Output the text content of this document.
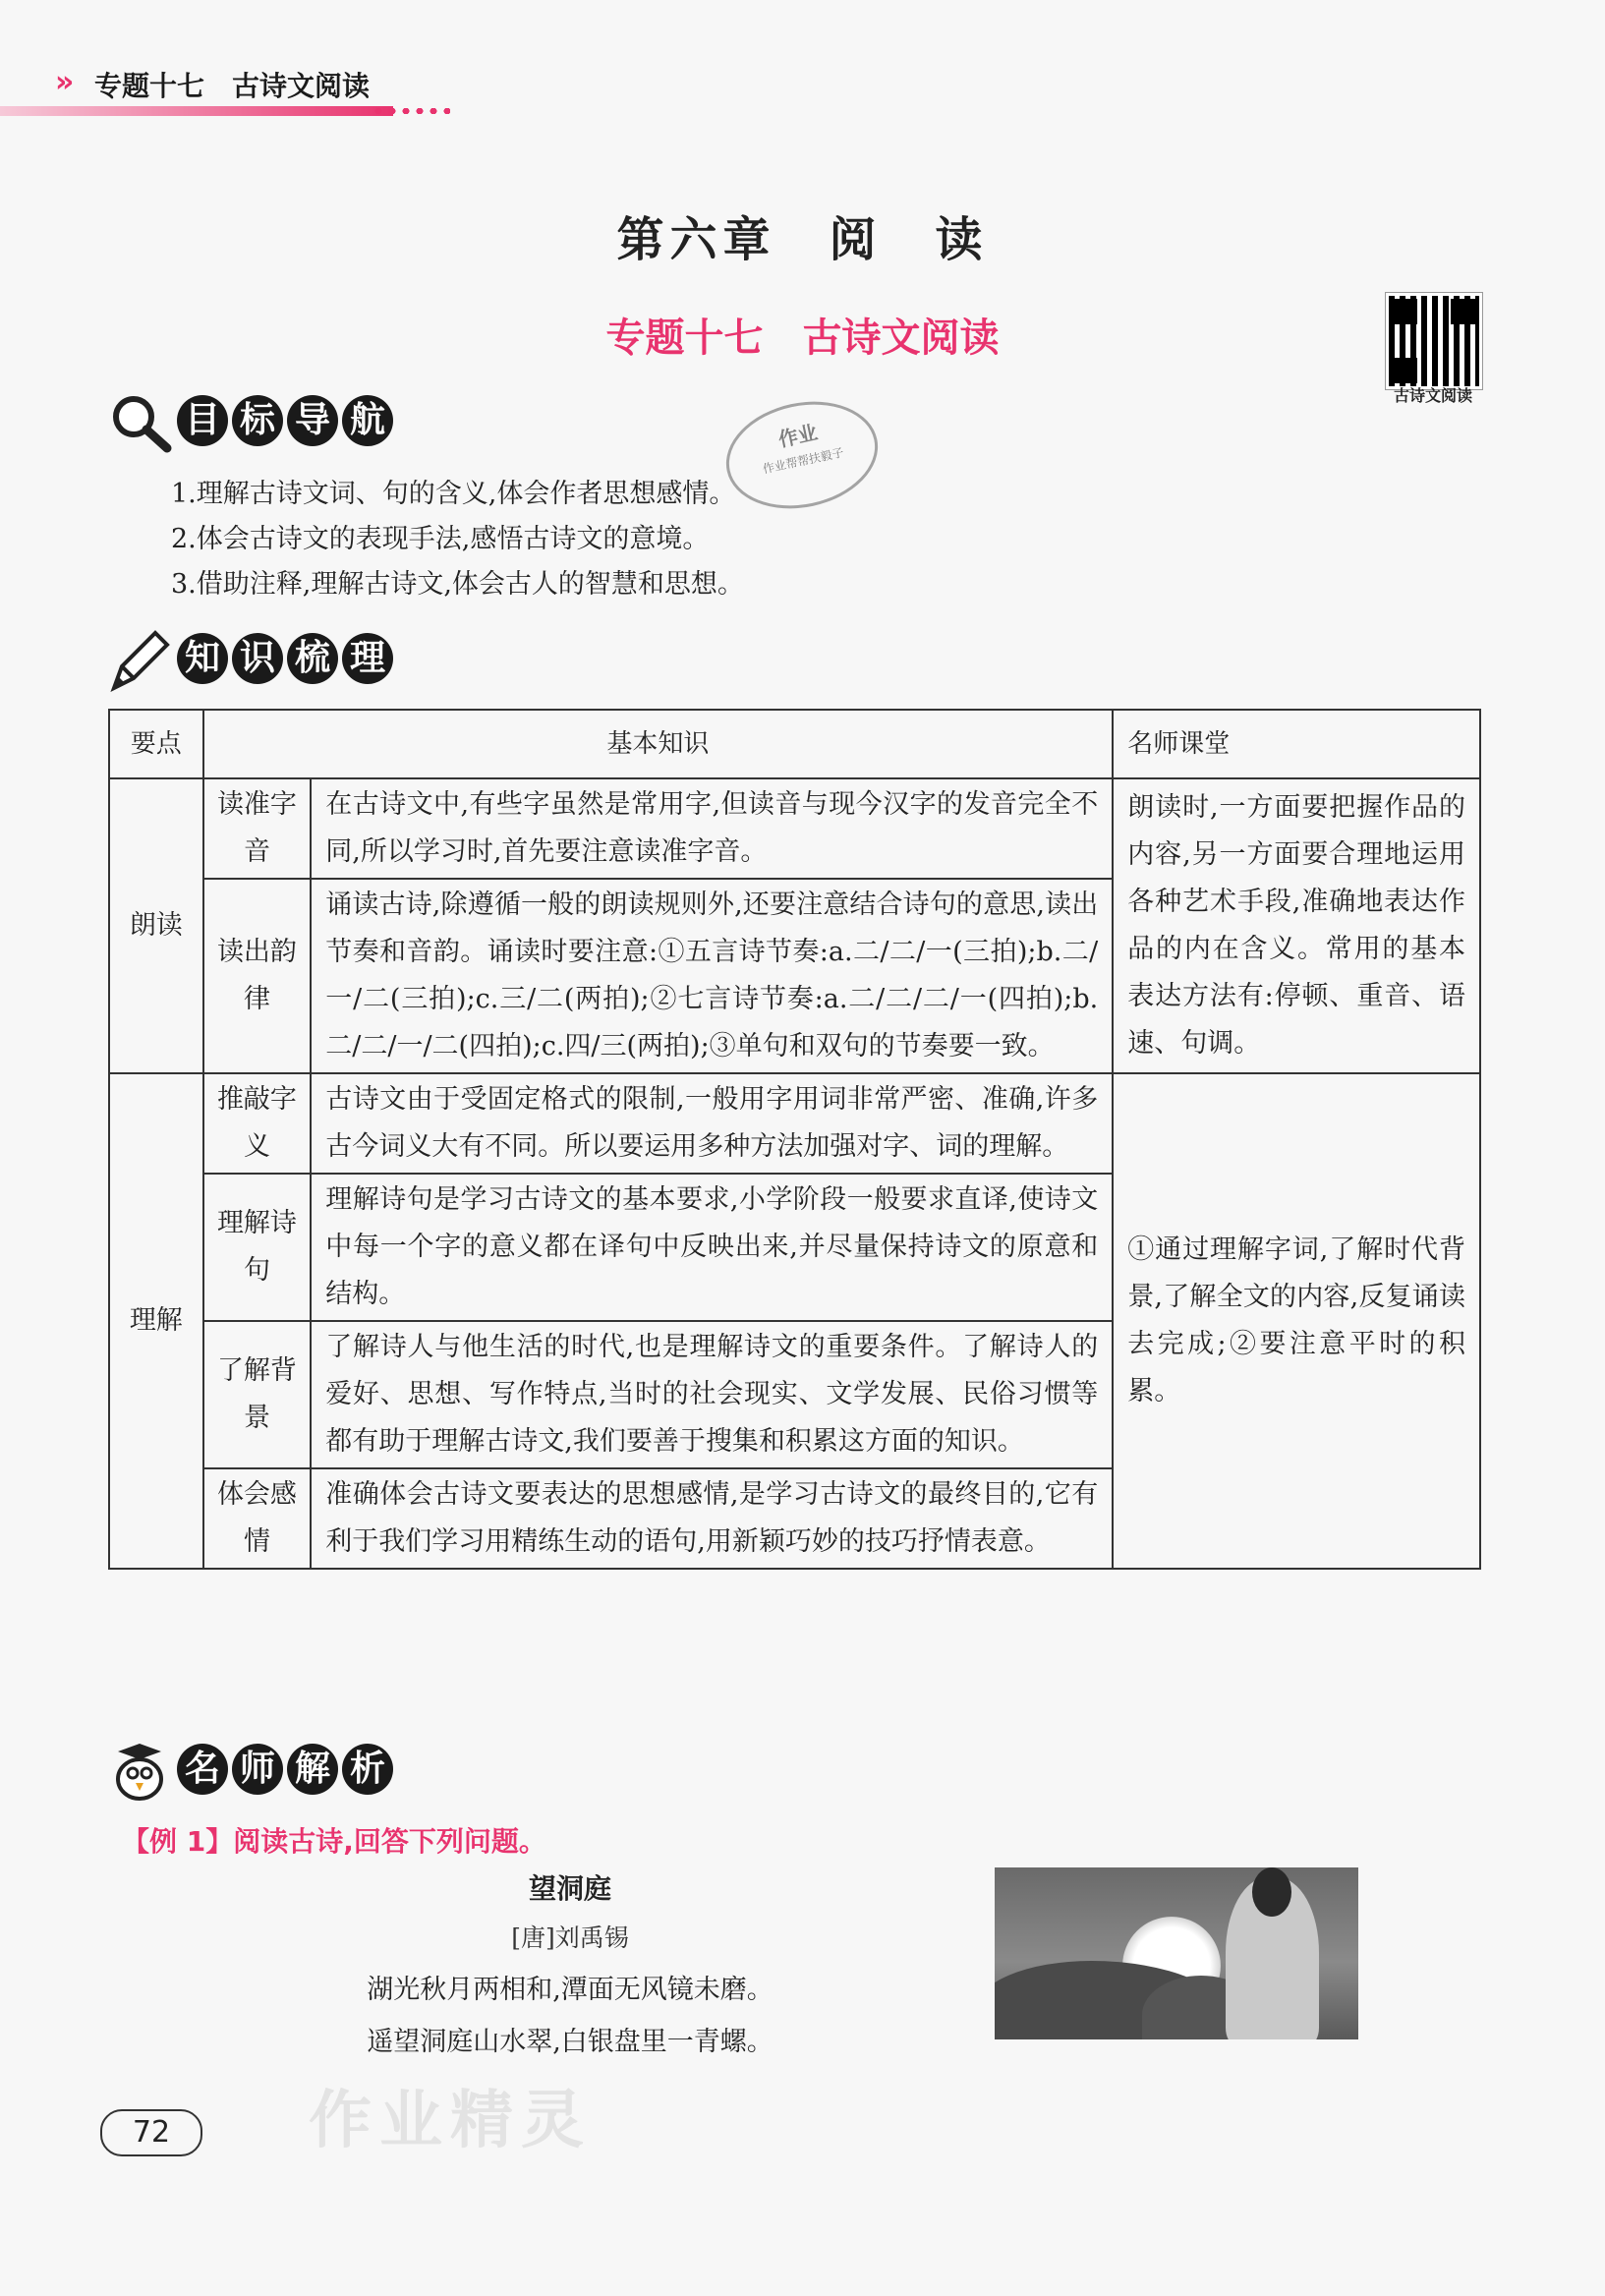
» 专题十七　古诗文阅读
第六章　阅　读
专题十七　古诗文阅读
古诗文阅读
作业
作业帮帮扶毅子
目 标 导 航
1.理解古诗文词、句的含义,体会作者思想感情。
2.体会古诗文的表现手法,感悟古诗文的意境。
3.借助注释,理解古诗文,体会古人的智慧和思想。
知 识 梳 理
要点	基本知识		名师课堂
朗读	读准字音	在古诗文中,有些字虽然是常用字,但读音与现今汉字的发音完全不同,所以学习时,首先要注意读准字音。	朗读时,一方面要把握作品的内容,另一方面要合理地运用各种艺术手段,准确地表达作品的内在含义。常用的基本表达方法有:停顿、重音、语速、句调。
	读出韵律	诵读古诗,除遵循一般的朗读规则外,还要注意结合诗句的意思,读出节奏和音韵。诵读时要注意:①五言诗节奏:a.二/二/一(三拍);b.二/一/二(三拍);c.三/二(两拍);②七言诗节奏:a.二/二/二/一(四拍);b.二/二/一/二(四拍);c.四/三(两拍);③单句和双句的节奏要一致。	
理解	推敲字义	古诗文由于受固定格式的限制,一般用字用词非常严密、准确,许多古今词义大有不同。所以要运用多种方法加强对字、词的理解。	①通过理解字词,了解时代背景,了解全文的内容,反复诵读去完成;②要注意平时的积累。
	理解诗句	理解诗句是学习古诗文的基本要求,小学阶段一般要求直译,使诗文中每一个字的意义都在译句中反映出来,并尽量保持诗文的原意和结构。	
	了解背景	了解诗人与他生活的时代,也是理解诗文的重要条件。了解诗人的爱好、思想、写作特点,当时的社会现实、文学发展、民俗习惯等都有助于理解古诗文,我们要善于搜集和积累这方面的知识。	
	体会感情	准确体会古诗文要表达的思想感情,是学习古诗文的最终目的,它有利于我们学习用精练生动的语句,用新颖巧妙的技巧抒情表意。	
名 师 解 析
【例 1】阅读古诗,回答下列问题。
望洞庭
[唐]刘禹锡
湖光秋月两相和,潭面无风镜未磨。
遥望洞庭山水翠,白银盘里一青螺。
作业精灵
72
